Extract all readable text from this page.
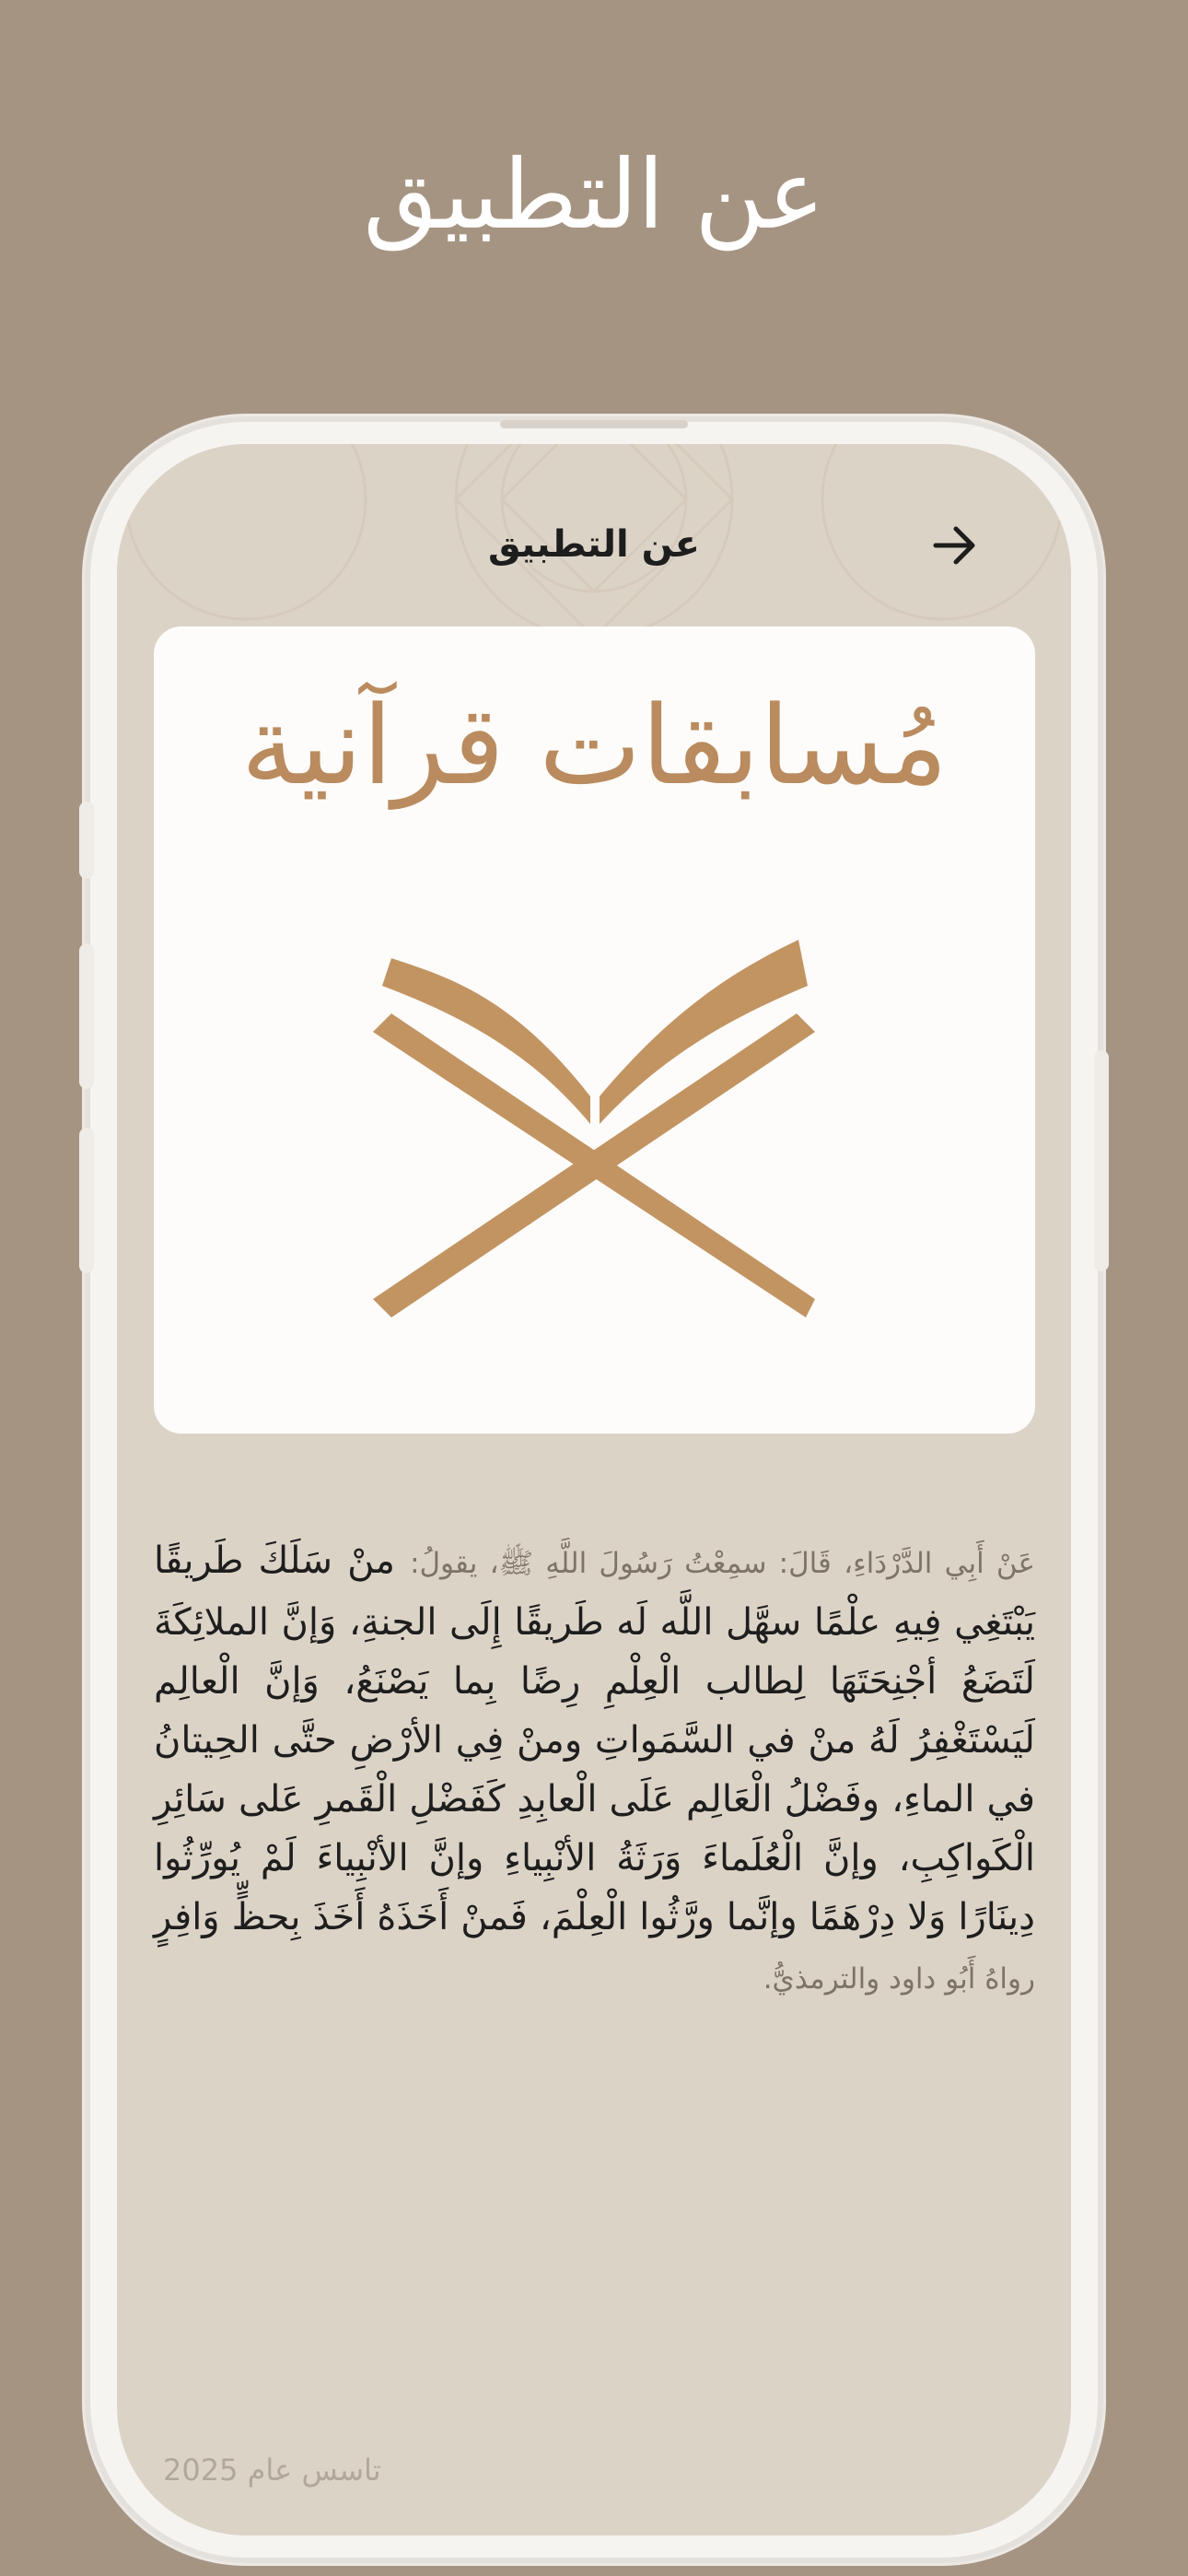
عن التطبيق
عن التطبيق
مُسابقات قرآنية
عَنْ أَبِي الدَّرْدَاءِ، قَالَ: سمِعْتُ رَسُولَ اللَّهِ ﷺ، يقولُ: منْ سَلَكَ طَريقًا يَبْتَغِي فِيهِ علْمًا سهَّل اللَّه لَه طَريقًا إِلَى الجنةِ، وَإنَّ الملائِكَةَ لَتَضَعُ أجْنِحَتَهَا لِطالب الْعِلْمِ رِضًا بِما يَصْنَعُ، وَإنَّ الْعالِم لَيَسْتَغْفِرُ لَهُ منْ في السَّمَواتِ ومنْ فِي الأرْضِ حتَّى الحِيتانُ في الماءِ، وفَضْلُ الْعَالِم عَلَى الْعابِدِ كَفَضْلِ الْقَمرِ عَلى سَائِرِ الْكَواكِبِ، وإنَّ الْعُلَماءَ وَرَثَةُ الأنْبِياءِ وإنَّ الأنْبِياءَ لَمْ يُورِّثُوا دِينَارًا وَلا دِرْهَمًا وإنَّما ورَّثُوا الْعِلْمَ، فَمنْ أَخَذَهُ أَخَذَ بِحظٍّ وَافِرٍ رواهُ أَبُو داود والترمذيُّ.
تاسس عام 2025
